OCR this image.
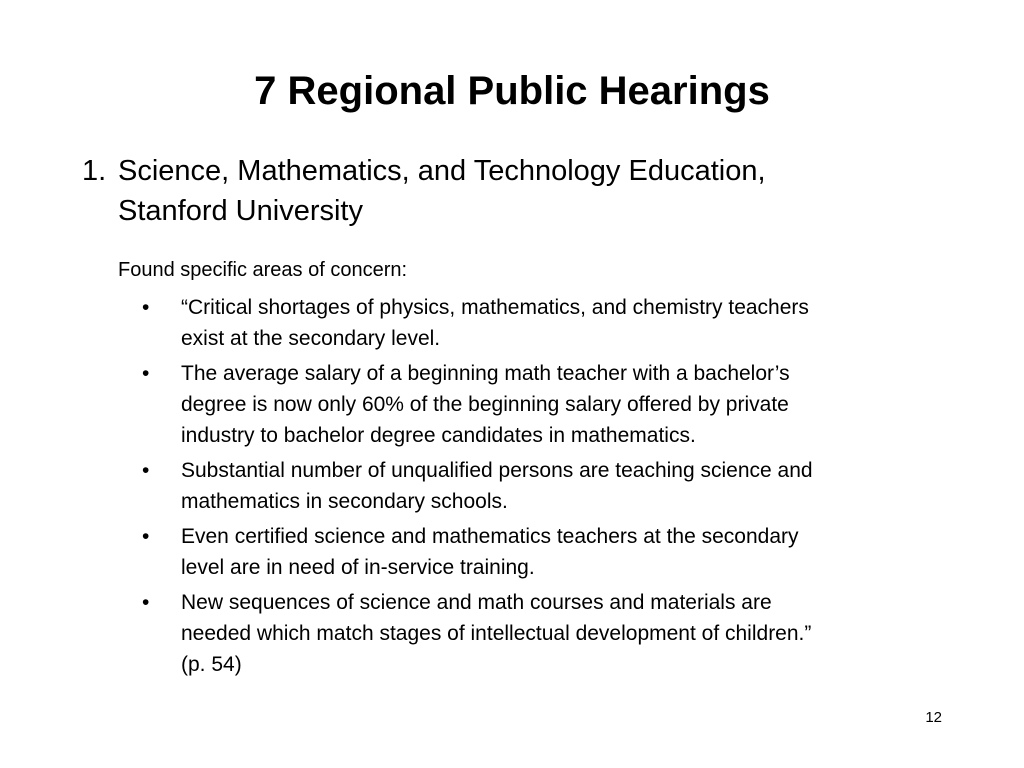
7 Regional Public Hearings
1. Science, Mathematics, and Technology Education,
Stanford University

Found specific areas of concern:

• “Critical shortages of physics, mathematics, and chemistry teachers
exist at the secondary level.
• The average salary of a beginning math teacher with a bachelor’s
degree is now only 60% of the beginning salary offered by private
industry to bachelor degree candidates in mathematics.
• Substantial number of unqualified persons are teaching science and
mathematics in secondary schools.
• Even certified science and mathematics teachers at the secondary
level are in need of in-service training.
• New sequences of science and math courses and materials are
needed which match stages of intellectual development of children.”
(p. 54)
12
